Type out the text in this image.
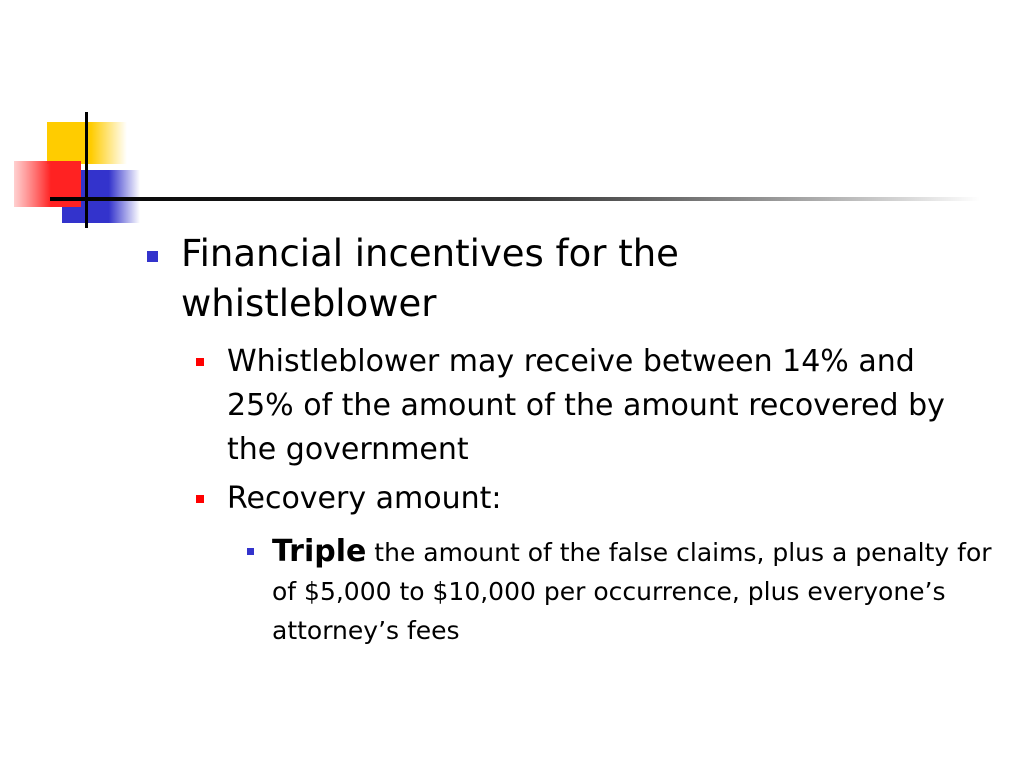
Financial incentives for the whistleblower

Whistleblower may receive between 14% and 25% of the amount of the amount recovered by the government

Recovery amount:

Triple the amount of the false claims, plus a penalty for of $5,000 to $10,000 per occurrence, plus everyone’s attorney’s fees
